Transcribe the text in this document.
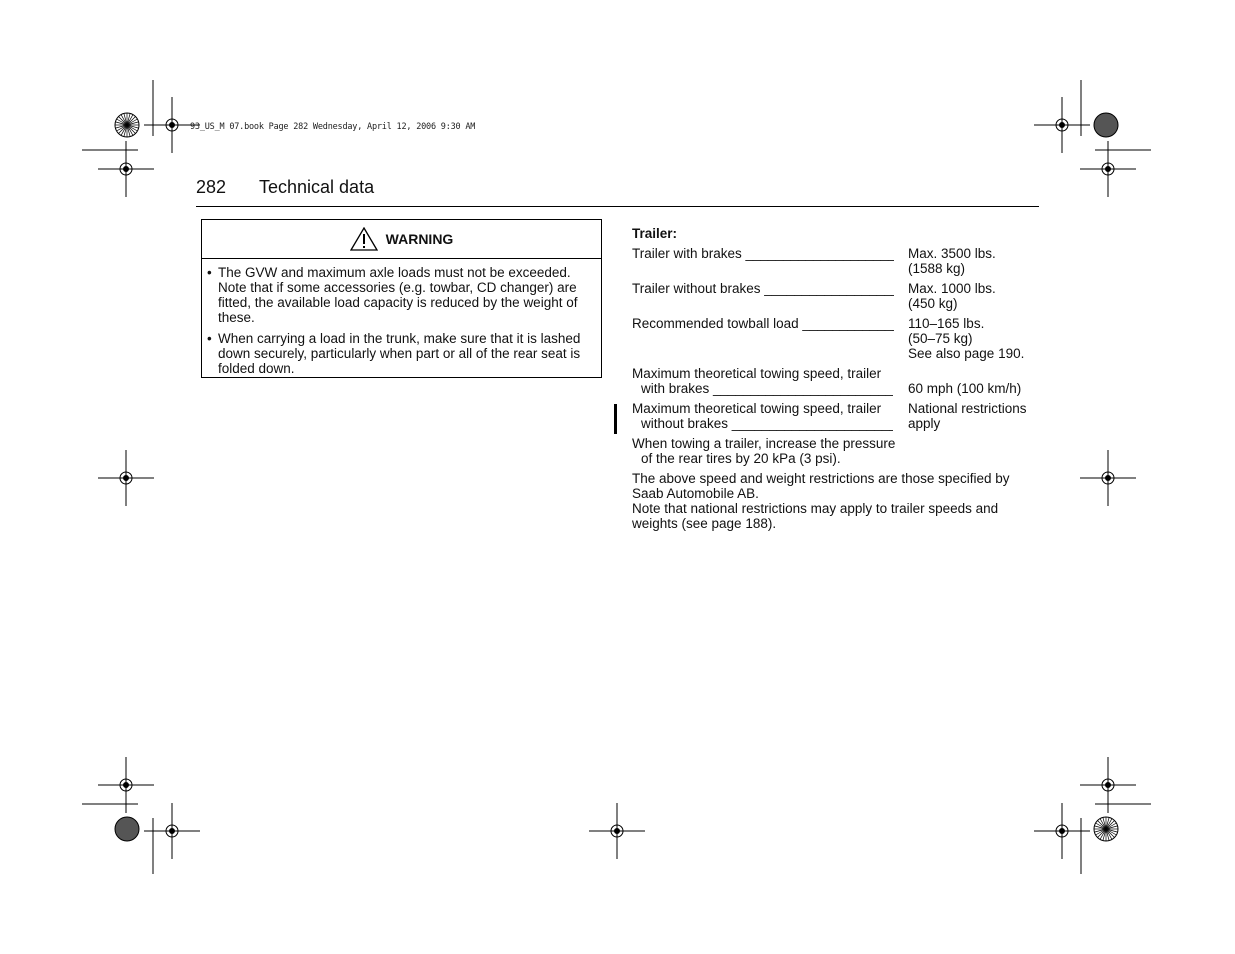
93_US_M 07.book Page 282 Wednesday, April 12, 2006 9:30 AM
282 Technical data
WARNING
• The GVW and maximum axle loads must not be exceeded. Note that if some accessories (e.g. towbar, CD changer) are fitted, the available load capacity is reduced by the weight of these.
• When carrying a load in the trunk, make sure that it is lashed down securely, particularly when part or all of the rear seat is folded down.
Trailer:
Trailer with brakes _____	Max. 3500 lbs.
(1588 kg)
Trailer without brakes _____	Max. 1000 lbs.
(450 kg)
Recommended towball load _____	110–165 lbs.
(50–75 kg)
See also page 190.
Maximum theoretical towing speed, trailer
with brakes _____	60 mph (100 km/h)
Maximum theoretical towing speed, trailer
without brakes _____
National restrictions
apply
When towing a trailer, increase the pressure
of the rear tires by 20 kPa (3 psi).
The above speed and weight restrictions are those specified by
Saab Automobile AB.
Note that national restrictions may apply to trailer speeds and
weights (see page 188).
